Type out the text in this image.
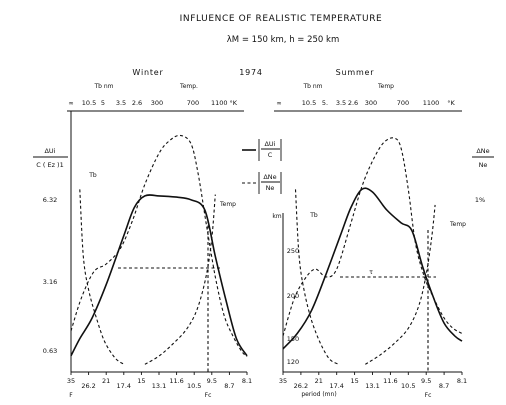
INFLUENCE OF REALISTIC TEMPERATURE
λM = 150 km, h = 250 km
1974
Winter	Summer
Tb nm	Temp.	Tb nm	Temp
∞ 10.5 5 3.5 2.6 300	700 1100 °K	∞	10.5 5. 3.5 2.6 300	700 1100 °K
ΔUi
C ( Ez )1
6.32
3.16
0.63
ΔUi
C
ΔNe
Ne
km
250
200
150
120
ΔNe
Ne
1%
35
26.2
21
17.4
15
13.1
11.6
10.5
9.5
8.7
8.1	35
26.2
21
17.4
15
13.1
11.6
10.5
9.5
8.7
8.1
F	Fc	period (mn)	Fc
τ
Tb
Temp
Tb
Temp
